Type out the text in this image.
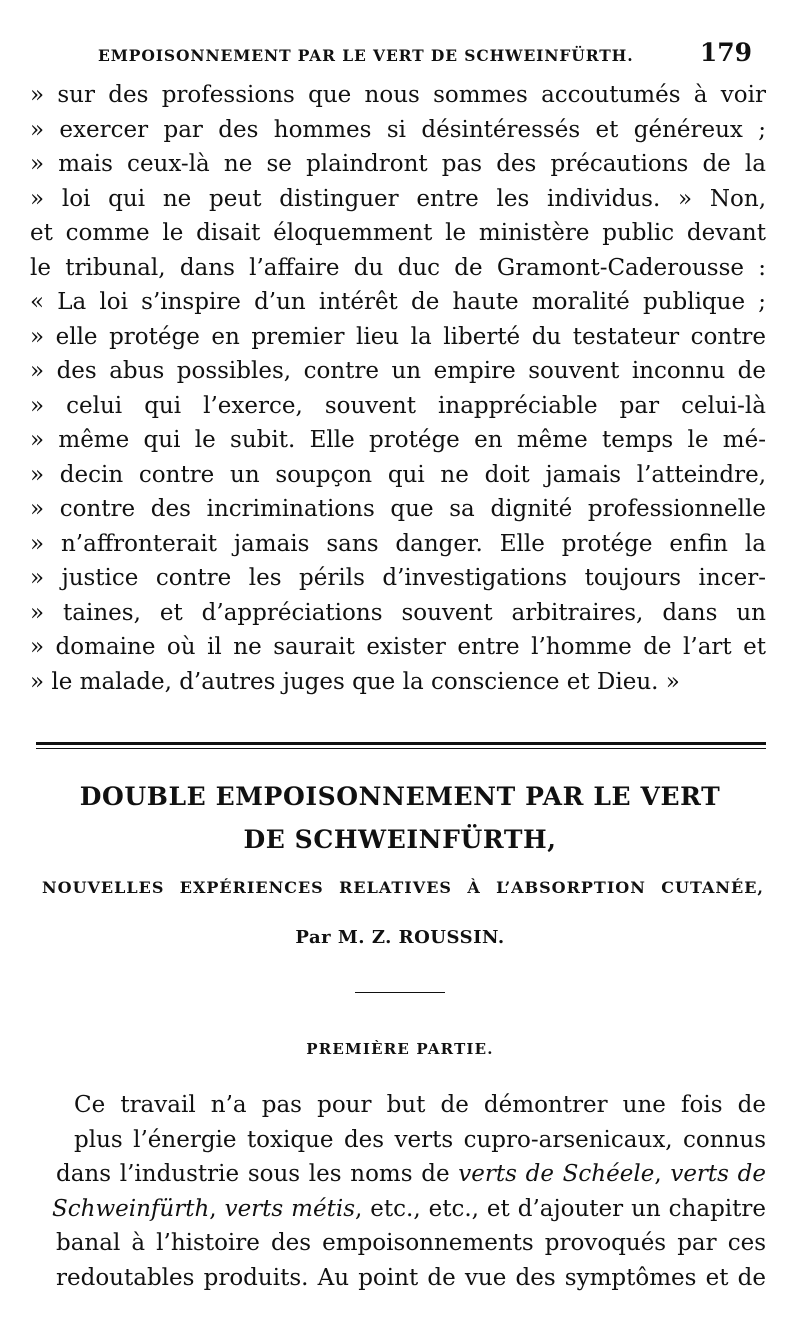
EMPOISONNEMENT PAR LE VERT DE SCHWEINFÜRTH.	179
» sur des professions que nous sommes accoutumés à voir
» exercer par des hommes si désintéressés et généreux ;
» mais ceux-là ne se plaindront pas des précautions de la
» loi qui ne peut distinguer entre les individus. » Non,
et comme le disait éloquemment le ministère public devant
le tribunal, dans l’affaire du duc de Gramont-Caderousse :
« La loi s’inspire d’un intérêt de haute moralité publique ;
» elle protége en premier lieu la liberté du testateur contre
» des abus possibles, contre un empire souvent inconnu de
» celui qui l’exerce, souvent inappréciable par celui-là
» même qui le subit. Elle protége en même temps le mé-
» decin contre un soupçon qui ne doit jamais l’atteindre,
» contre des incriminations que sa dignité professionnelle
» n’affronterait jamais sans danger. Elle protége enfin la
» justice contre les périls d’investigations toujours incer-
» taines, et d’appréciations souvent arbitraires, dans un
» domaine où il ne saurait exister entre l’homme de l’art et
» le malade, d’autres juges que la conscience et Dieu. »
DOUBLE EMPOISONNEMENT PAR LE VERT
DE SCHWEINFÜRTH,
NOUVELLES EXPÉRIENCES RELATIVES À L’ABSORPTION CUTANÉE,
Par M. Z. ROUSSIN.
PREMIÈRE PARTIE.
Ce travail n’a pas pour but de démontrer une fois de
plus l’énergie toxique des verts cupro-arsenicaux, connus
dans l’industrie sous les noms de verts de Schéele, verts de
Schweinfürth, verts métis, etc., etc., et d’ajouter un chapitre
banal à l’histoire des empoisonnements provoqués par ces
redoutables produits. Au point de vue des symptômes et de
